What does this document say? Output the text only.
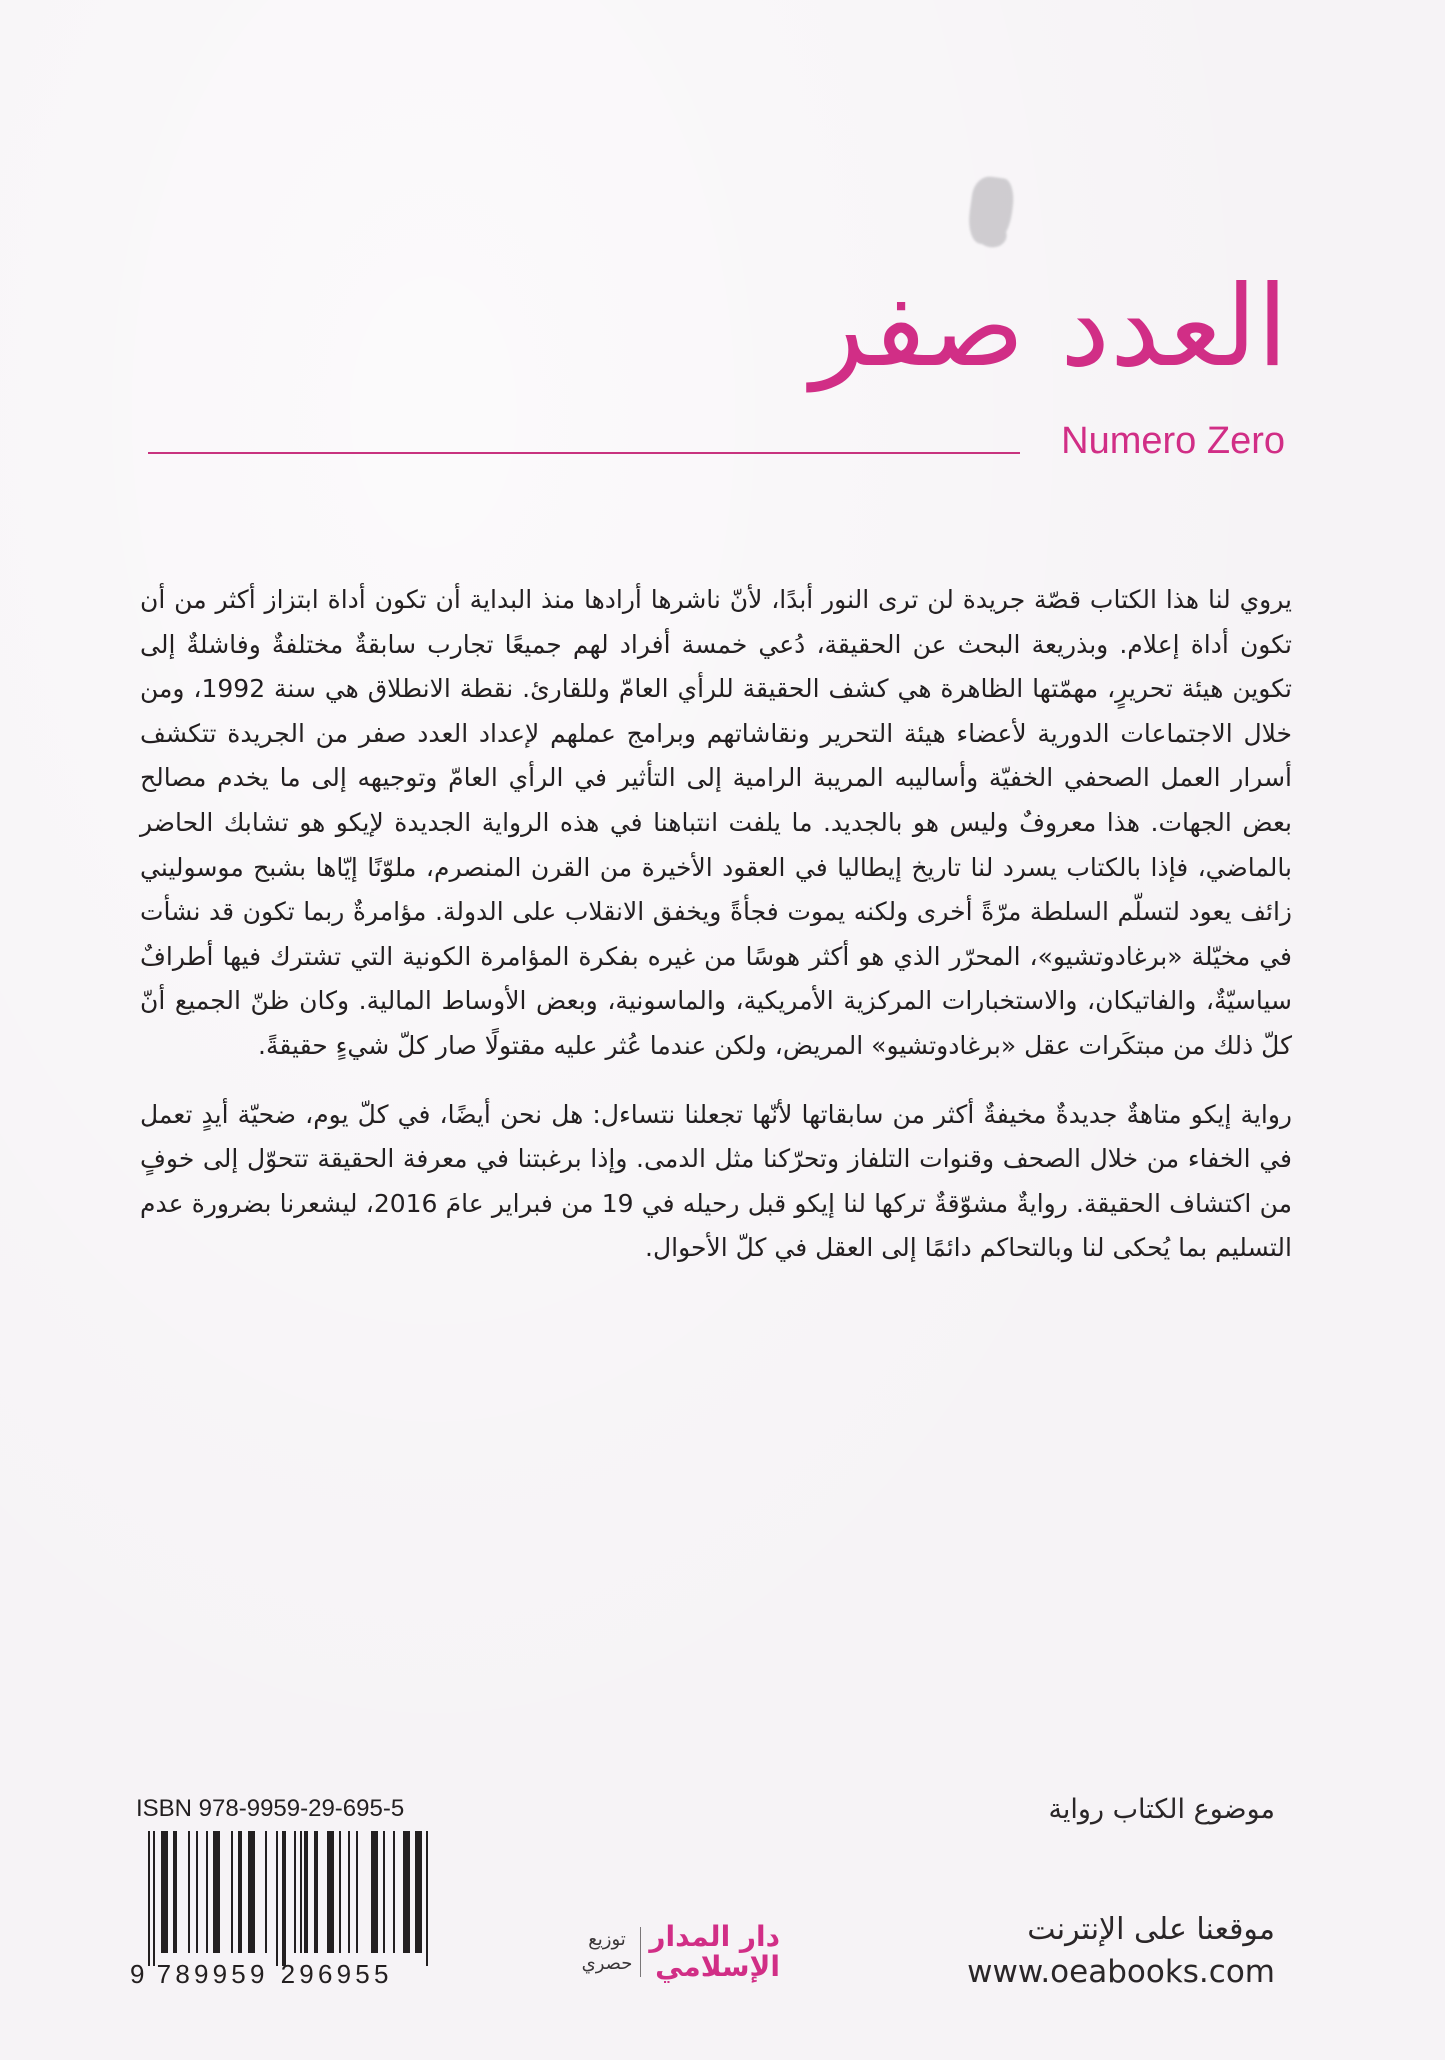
العدد صفر
Numero Zero

يروي لنا هذا الكتاب قصّة جريدة لن ترى النور أبدًا، لأنّ ناشرها أرادها منذ البداية أن تكون أداة ابتزاز أكثر من أن تكون أداة إعلام. وبذريعة البحث عن الحقيقة، دُعي خمسة أفراد لهم جميعًا تجارب سابقةٌ مختلفةٌ وفاشلةٌ إلى تكوين هيئة تحريرٍ، مهمّتها الظاهرة هي كشف الحقيقة للرأي العامّ وللقارئ. نقطة الانطلاق هي سنة 1992، ومن خلال الاجتماعات الدورية لأعضاء هيئة التحرير ونقاشاتهم وبرامج عملهم لإعداد العدد صفر من الجريدة تتكشف أسرار العمل الصحفي الخفيّة وأساليبه المريبة الرامية إلى التأثير في الرأي العامّ وتوجيهه إلى ما يخدم مصالح بعض الجهات. هذا معروفٌ وليس هو بالجديد. ما يلفت انتباهنا في هذه الرواية الجديدة لإيكو هو تشابك الحاضر بالماضي، فإذا بالكتاب يسرد لنا تاريخ إيطاليا في العقود الأخيرة من القرن المنصرم، ملوّنًا إيّاها بشبح موسوليني زائف يعود لتسلّم السلطة مرّةً أخرى ولكنه يموت فجأةً ويخفق الانقلاب على الدولة. مؤامرةٌ ربما تكون قد نشأت في مخيّلة «برغادوتشيو»، المحرّر الذي هو أكثر هوسًا من غيره بفكرة المؤامرة الكونية التي تشترك فيها أطرافٌ سياسيّةٌ، والفاتيكان، والاستخبارات المركزية الأمريكية، والماسونية، وبعض الأوساط المالية. وكان ظنّ الجميع أنّ كلّ ذلك من مبتكَرات عقل «برغادوتشيو» المريض، ولكن عندما عُثر عليه مقتولًا صار كلّ شيءٍ حقيقةً.

رواية إيكو متاهةٌ جديدةٌ مخيفةٌ أكثر من سابقاتها لأنّها تجعلنا نتساءل: هل نحن أيضًا، في كلّ يوم، ضحيّة أيدٍ تعمل في الخفاء من خلال الصحف وقنوات التلفاز وتحرّكنا مثل الدمى. وإذا برغبتنا في معرفة الحقيقة تتحوّل إلى خوفٍ من اكتشاف الحقيقة. روايةٌ مشوّقةٌ تركها لنا إيكو قبل رحيله في 19 من فبراير عامَ 2016، ليشعرنا بضرورة عدم التسليم بما يُحكى لنا وبالتحاكم دائمًا إلى العقل في كلّ الأحوال.

موضوع الكتاب رواية
موقعنا على الإنترنت
www.oeabooks.com
دار المدار
الإسلامي
توزيع
حصري
ISBN 978-9959-29-695-5
9 789959 296955
